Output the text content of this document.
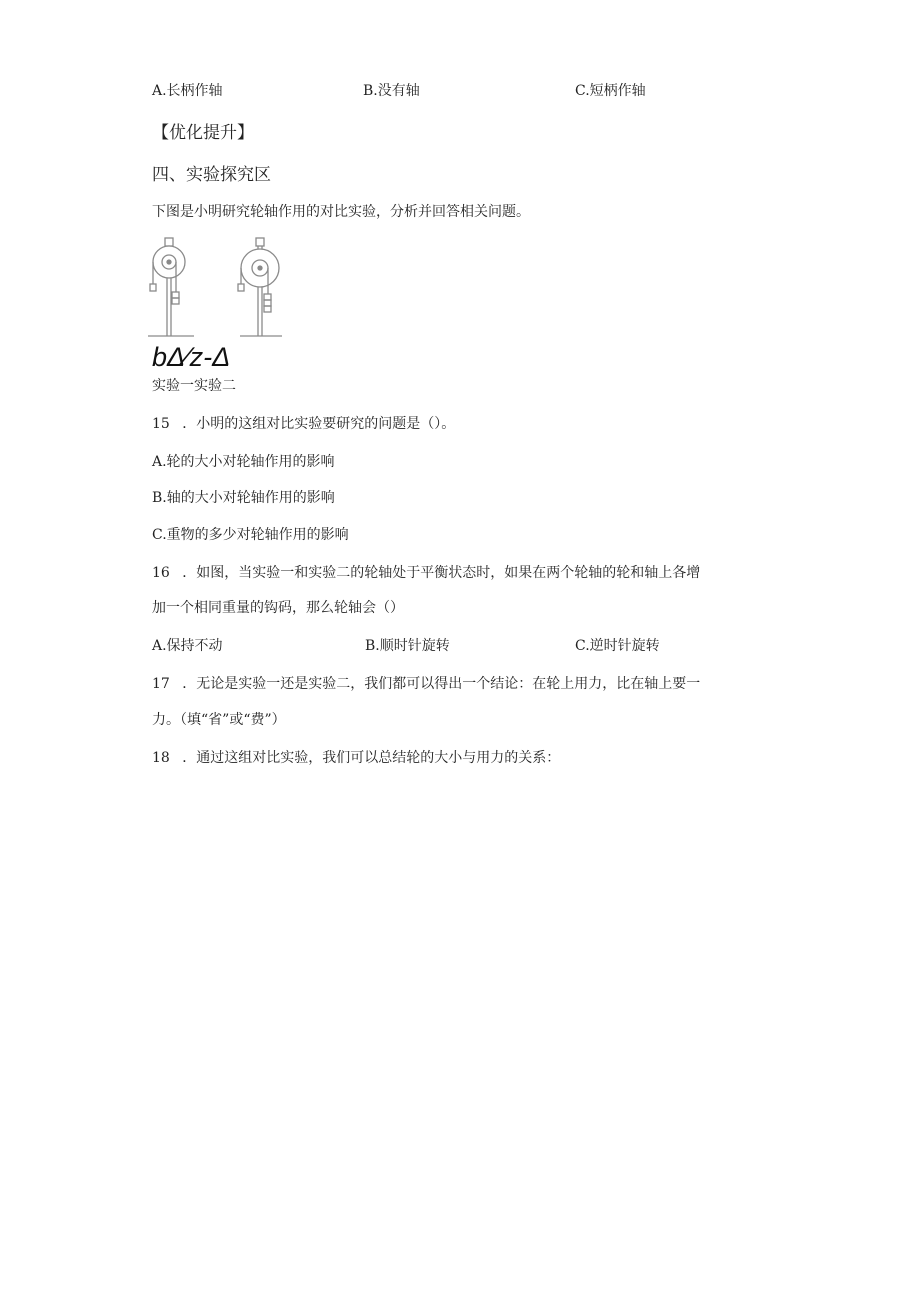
A.长柄作轴	B.没有轴	C.短柄作轴
【优化提升】
四、实验探究区
下图是小明研究轮轴作用的对比实验，分析并回答相关问题。
bΔ∕z-Δ
实验一实验二
15 ．小明的这组对比实验要研究的问题是（）。
A.轮的大小对轮轴作用的影响
B.轴的大小对轮轴作用的影响
C.重物的多少对轮轴作用的影响
16 ．如图，当实验一和实验二的轮轴处于平衡状态时，如果在两个轮轴的轮和轴上各增
加一个相同重量的钩码，那么轮轴会（）
A.保持不动	B.顺时针旋转	C.逆时针旋转
17 ．无论是实验一还是实验二，我们都可以得出一个结论：在轮上用力，比在轴上要一
力。（填“省”或“费”）
18 ．通过这组对比实验，我们可以总结轮的大小与用力的关系：
